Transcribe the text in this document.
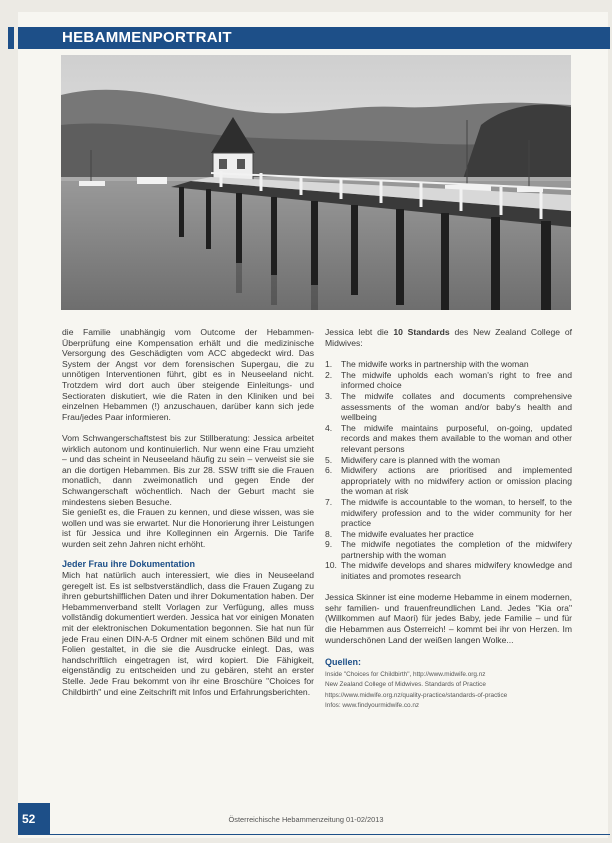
HEBAMMENPORTRAIT

die Familie unabhängig vom Outcome der Hebammen-Überprüfung eine Kompensation erhält und die medizinische Versorgung des Geschädigten vom ACC abgedeckt wird. Das System der Angst vor dem forensischen Supergau, die zu unnötigen Interventionen führt, gibt es in Neuseeland nicht. Trotzdem wird dort auch über steigende Einleitungs- und Sectioraten diskutiert, wie die Raten in den Kliniken und bei einzelnen Hebammen (!) anzuschauen, darüber kann sich jede Frau/jedes Paar informieren.

Vom Schwangerschaftstest bis zur Stillberatung: Jessica arbeitet wirklich autonom und kontinuierlich. Nur wenn eine Frau umzieht – und das scheint in Neuseeland häufig zu sein – verweist sie sie an die dortigen Hebammen. Bis zur 28. SSW trifft sie die Frauen monatlich, dann zweimonatlich und gegen Ende der Schwangerschaft wöchentlich. Nach der Geburt macht sie mindestens sieben Besuche.

Sie genießt es, die Frauen zu kennen, und diese wissen, was sie wollen und was sie erwartet. Nur die Honorierung ihrer Leistungen ist für Jessica und ihre Kolleginnen ein Ärgernis. Die Tarife wurden seit zehn Jahren nicht erhöht.

Jeder Frau ihre Dokumentation

Mich hat natürlich auch interessiert, wie dies in Neuseeland geregelt ist. Es ist selbstverständlich, dass die Frauen Zugang zu ihren geburtshilflichen Daten und ihrer Dokumentation haben. Der Hebammenverband stellt Vorlagen zur Verfügung, alles muss vollständig dokumentiert werden. Jessica hat vor einigen Monaten mit der elektronischen Dokumentation begonnen. Sie hat nun für jede Frau einen DIN-A-5 Ordner mit einem schönen Bild und mit Folien gestaltet, in die sie die Ausdrucke einlegt. Das, was handschriftlich eingetragen ist, wird kopiert. Die Fähigkeit, eigenständig zu entscheiden und zu gebären, steht an erster Stelle. Jede Frau bekommt von ihr eine Broschüre "Choices for Childbirth" und eine Zeitschrift mit Infos und Erfahrungsberichten.

Jessica lebt die 10 Standards des New Zealand College of Midwives:

1.	The midwife works in partnership with the woman
2.	The midwife upholds each woman's right to free and informed choice
3.	The midwife collates and documents comprehensive assessments of the woman and/or baby's health and wellbeing
4.	The midwife maintains purposeful, on-going, updated records and makes them available to the woman and other relevant persons
5.	Midwifery care is planned with the woman
6.	Midwifery actions are prioritised and implemented appropriately with no midwifery action or omission placing the woman at risk
7.	The midwife is accountable to the woman, to herself, to the midwifery profession and to the wider community for her practice
8.	The midwife evaluates her practice
9.	The midwife negotiates the completion of the midwifery partnership with the woman
10. The midwife develops and shares midwifery knowledge and initiates and promotes research

Jessica Skinner ist eine moderne Hebamme in einem modernen, sehr familien- und frauenfreundlichen Land. Jedes "Kia ora" (Willkommen auf Maori) für jedes Baby, jede Familie – und für die Hebammen aus Österreich! – kommt bei ihr von Herzen. Im wunderschönen Land der weißen langen Wolke...

Quellen:
Inside "Choices for Childbirth", http://www.midwife.org.nz
New Zealand College of Midwives. Standards of Practice
https://www.midwife.org.nz/quality-practice/standards-of-practice
Infos: www.findyourmidwife.co.nz
52	Österreichische Hebammenzeitung 01-02/2013
